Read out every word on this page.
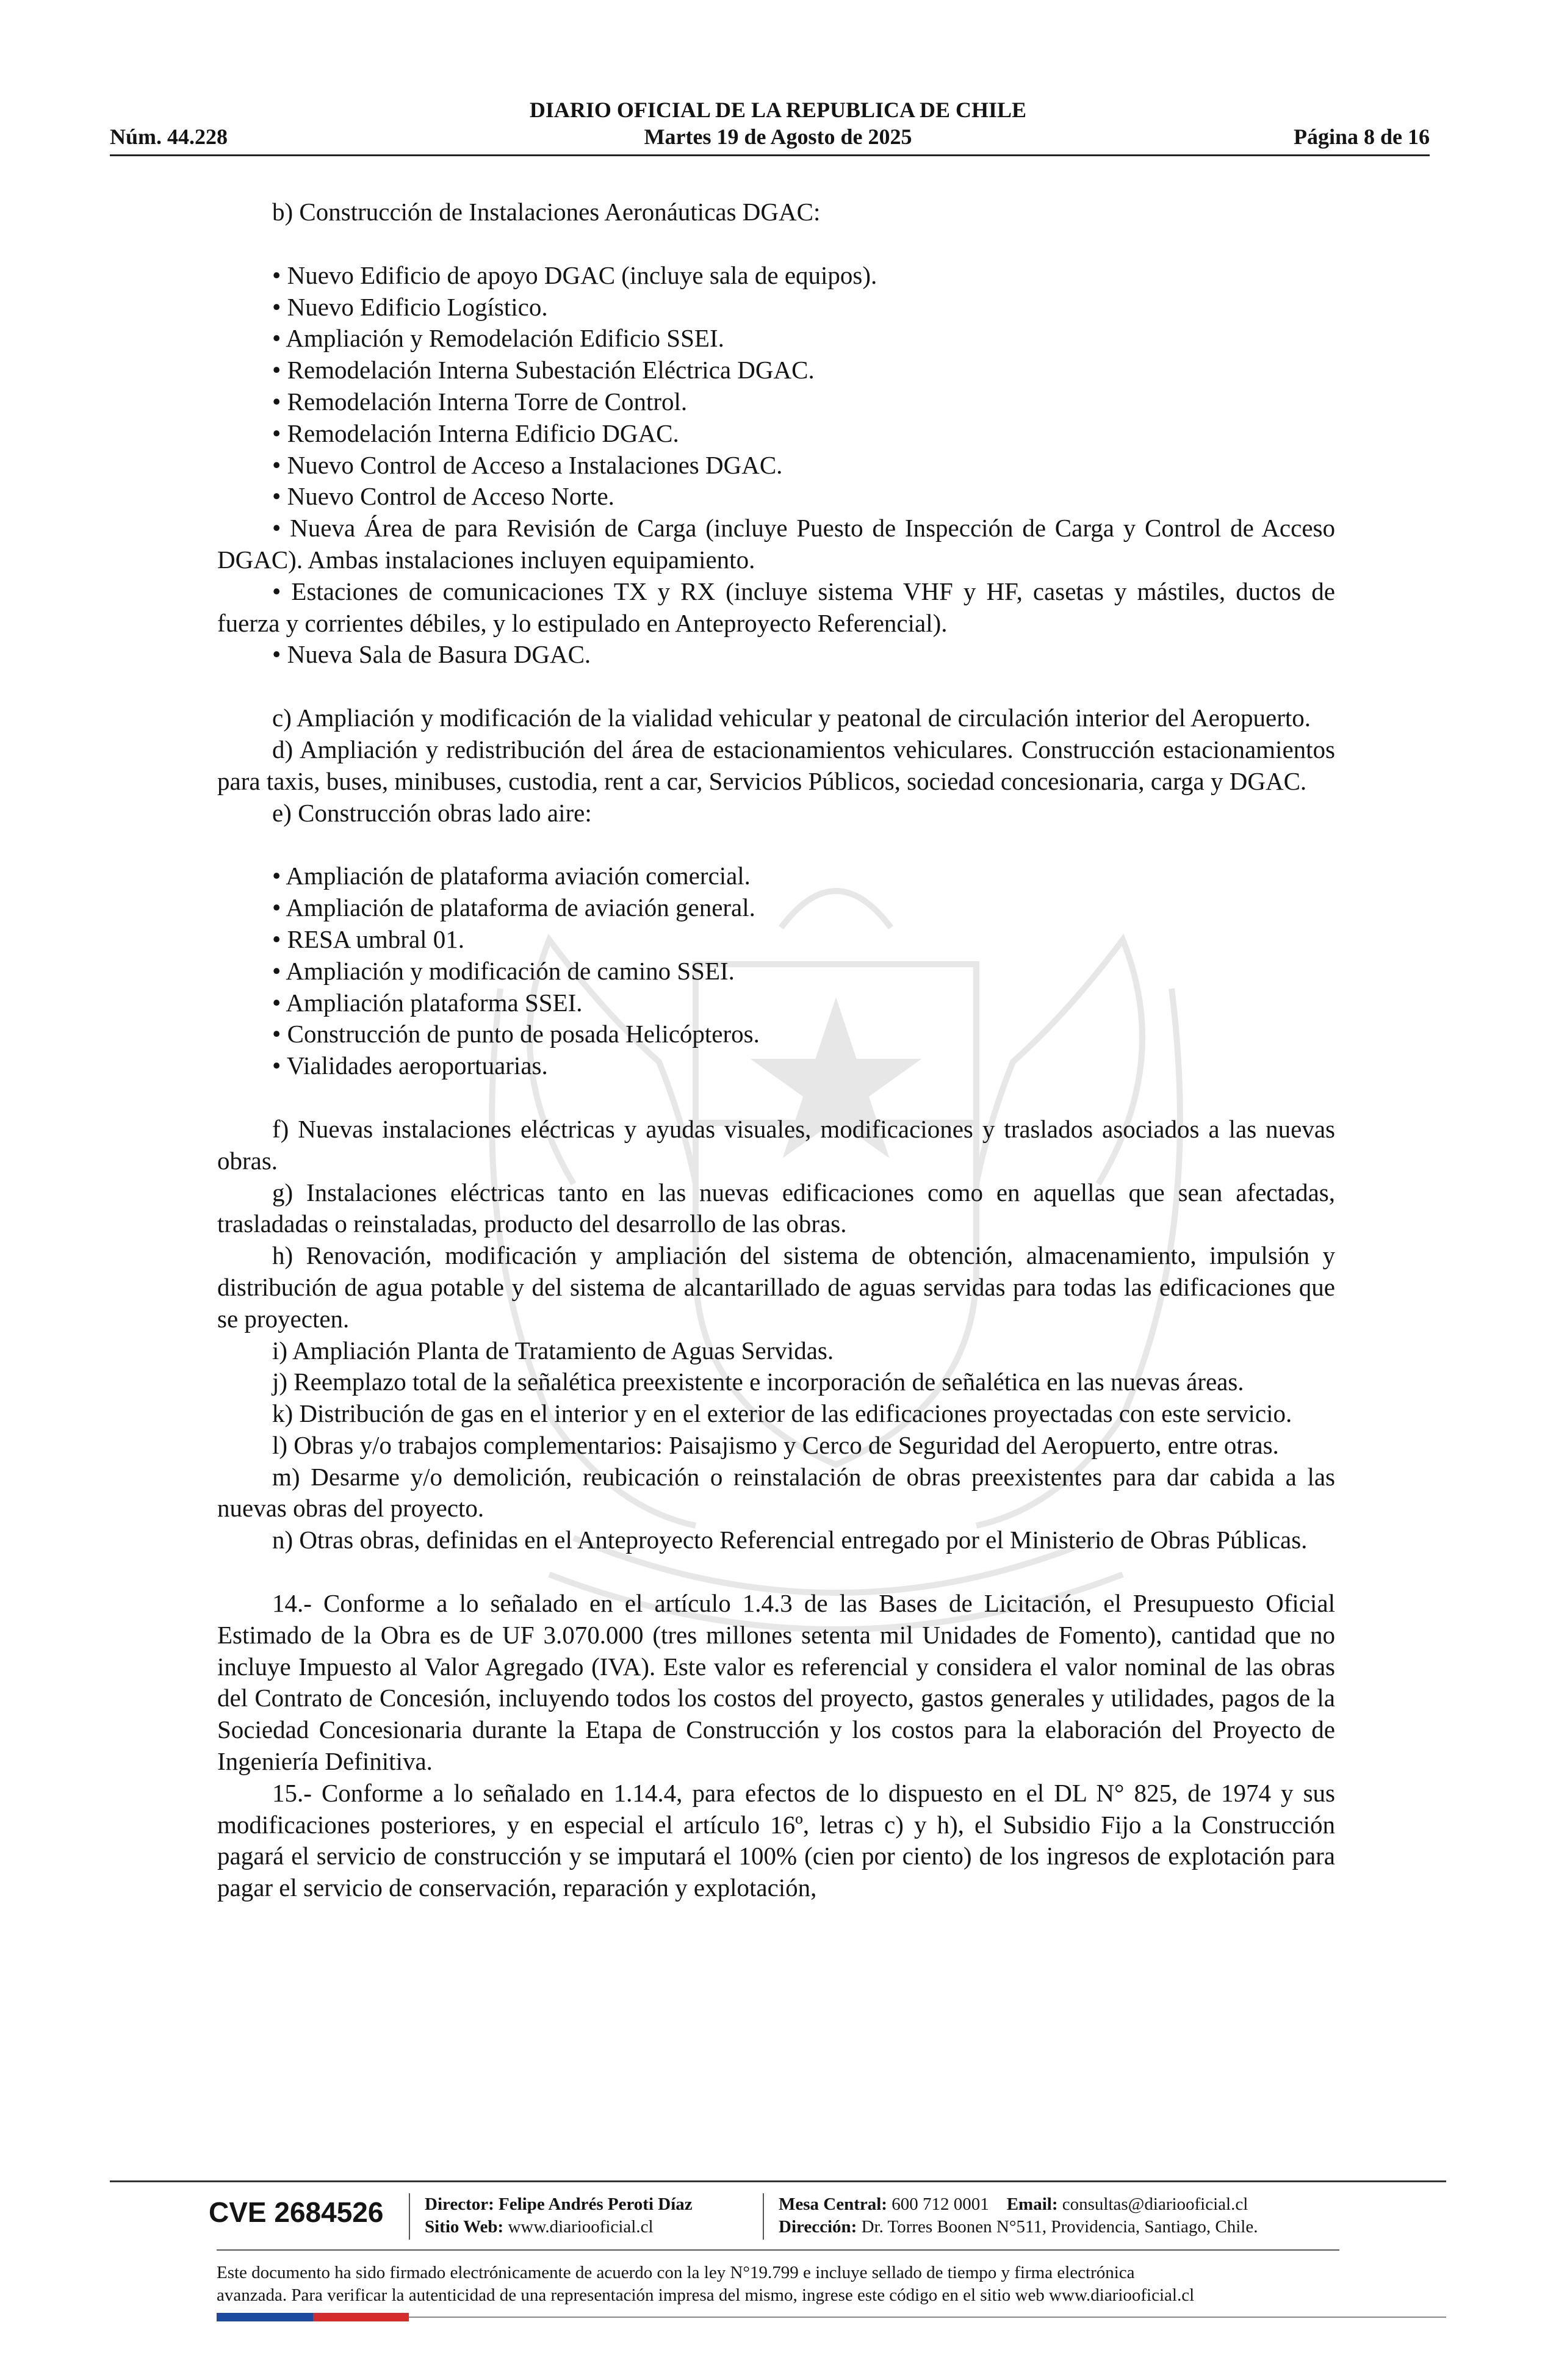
DIARIO OFICIAL DE LA REPUBLICA DE CHILE
Núm. 44.228	Martes 19 de Agosto de 2025	Página 8 de 16

b) Construcción de Instalaciones Aeronáuticas DGAC:

• Nuevo Edificio de apoyo DGAC (incluye sala de equipos).

• Nuevo Edificio Logístico.

• Ampliación y Remodelación Edificio SSEI.

• Remodelación Interna Subestación Eléctrica DGAC.

• Remodelación Interna Torre de Control.

• Remodelación Interna Edificio DGAC.

• Nuevo Control de Acceso a Instalaciones DGAC.

• Nuevo Control de Acceso Norte.

• Nueva Área de para Revisión de Carga (incluye Puesto de Inspección de Carga y Control de Acceso DGAC). Ambas instalaciones incluyen equipamiento.

• Estaciones de comunicaciones TX y RX (incluye sistema VHF y HF, casetas y mástiles, ductos de fuerza y corrientes débiles, y lo estipulado en Anteproyecto Referencial).

• Nueva Sala de Basura DGAC.

c) Ampliación y modificación de la vialidad vehicular y peatonal de circulación interior del Aeropuerto.

d) Ampliación y redistribución del área de estacionamientos vehiculares. Construcción estacionamientos para taxis, buses, minibuses, custodia, rent a car, Servicios Públicos, sociedad concesionaria, carga y DGAC.

e) Construcción obras lado aire:

• Ampliación de plataforma aviación comercial.

• Ampliación de plataforma de aviación general.

• RESA umbral 01.

• Ampliación y modificación de camino SSEI.

• Ampliación plataforma SSEI.

• Construcción de punto de posada Helicópteros.

• Vialidades aeroportuarias.

f) Nuevas instalaciones eléctricas y ayudas visuales, modificaciones y traslados asociados a las nuevas obras.

g) Instalaciones eléctricas tanto en las nuevas edificaciones como en aquellas que sean afectadas, trasladadas o reinstaladas, producto del desarrollo de las obras.

h) Renovación, modificación y ampliación del sistema de obtención, almacenamiento, impulsión y distribución de agua potable y del sistema de alcantarillado de aguas servidas para todas las edificaciones que se proyecten.

i) Ampliación Planta de Tratamiento de Aguas Servidas.

j) Reemplazo total de la señalética preexistente e incorporación de señalética en las nuevas áreas.

k) Distribución de gas en el interior y en el exterior de las edificaciones proyectadas con este servicio.

l) Obras y/o trabajos complementarios: Paisajismo y Cerco de Seguridad del Aeropuerto, entre otras.

m) Desarme y/o demolición, reubicación o reinstalación de obras preexistentes para dar cabida a las nuevas obras del proyecto.

n) Otras obras, definidas en el Anteproyecto Referencial entregado por el Ministerio de Obras Públicas.

14.- Conforme a lo señalado en el artículo 1.4.3 de las Bases de Licitación, el Presupuesto Oficial Estimado de la Obra es de UF 3.070.000 (tres millones setenta mil Unidades de Fomento), cantidad que no incluye Impuesto al Valor Agregado (IVA). Este valor es referencial y considera el valor nominal de las obras del Contrato de Concesión, incluyendo todos los costos del proyecto, gastos generales y utilidades, pagos de la Sociedad Concesionaria durante la Etapa de Construcción y los costos para la elaboración del Proyecto de Ingeniería Definitiva.

15.- Conforme a lo señalado en 1.14.4, para efectos de lo dispuesto en el DL N° 825, de 1974 y sus modificaciones posteriores, y en especial el artículo 16º, letras c) y h), el Subsidio Fijo a la Construcción pagará el servicio de construcción y se imputará el 100% (cien por ciento) de los ingresos de explotación para pagar el servicio de conservación, reparación y explotación,

CVE 2684526 Director: Felipe Andrés Peroti Díaz
Sitio Web: www.diariooficial.cl
Mesa Central: 600 712 0001 Email: consultas@diariooficial.cl
Dirección: Dr. Torres Boonen N°511, Providencia, Santiago, Chile.

Este documento ha sido firmado electrónicamente de acuerdo con la ley N°19.799 e incluye sellado de tiempo y firma electrónica

avanzada. Para verificar la autenticidad de una representación impresa del mismo, ingrese este código en el sitio web www.diariooficial.cl
